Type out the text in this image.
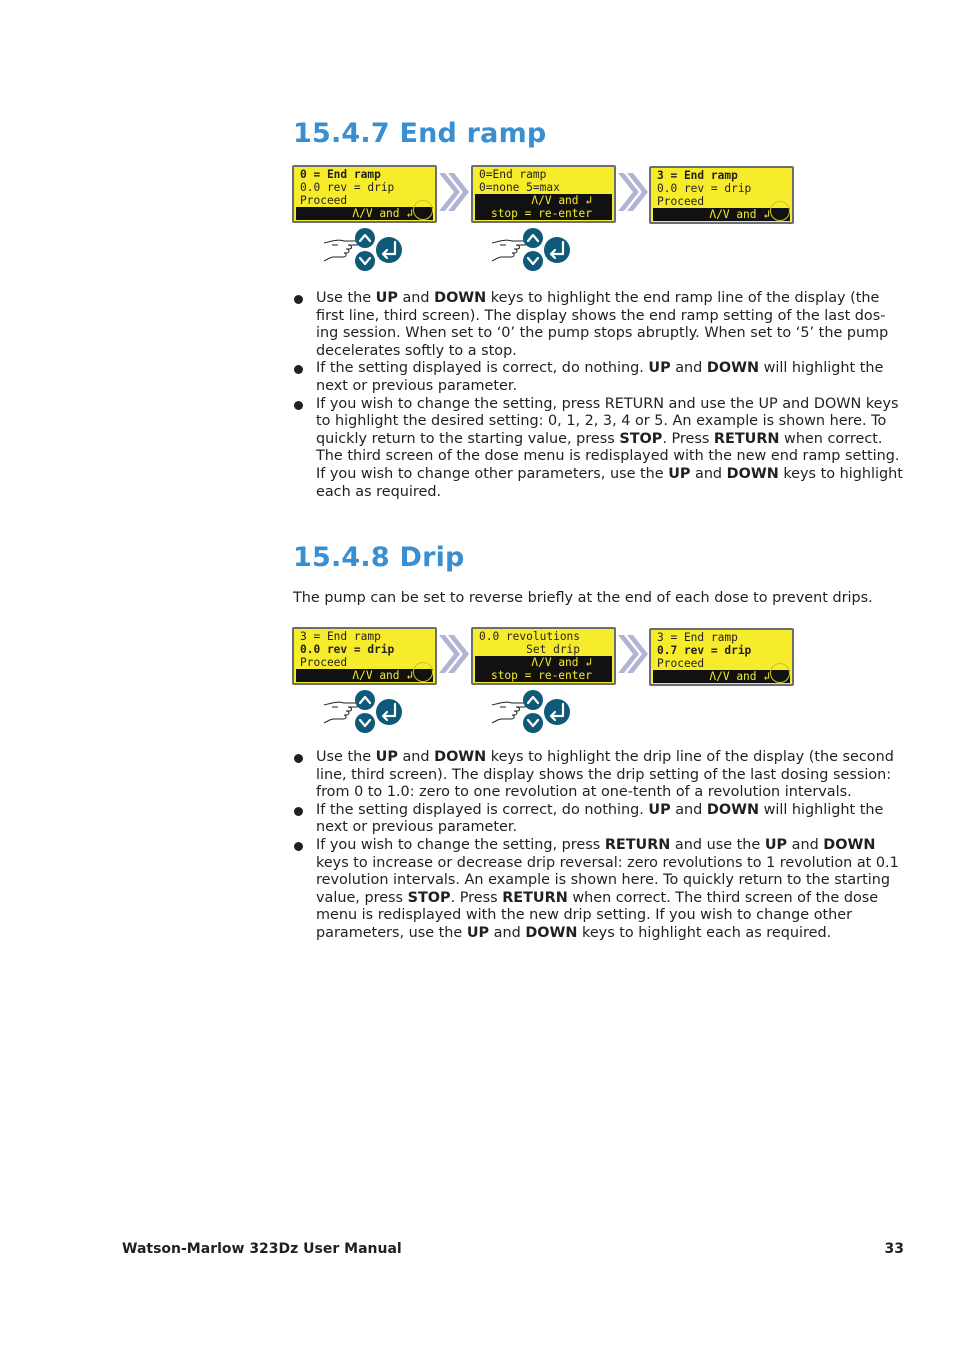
15.4.7 End ramp
0 = End ramp
0.0 rev = drip
Proceed
Λ/V and ↲
0=End ramp
0=none 5=max
Λ/V and ↲
stop = re-enter
3 = End ramp
0.0 rev = drip
Proceed
Λ/V and ↲
Use the UP and DOWN keys to highlight the end ramp line of the display (the first line, third screen). The display shows the end ramp setting of the last dos-ing session. When set to ‘0’ the pump stops abruptly. When set to ‘5’ the pump decelerates softly to a stop.
If the setting displayed is correct, do nothing. UP and DOWN will highlight the next or previous parameter.
If you wish to change the setting, press RETURN and use the UP and DOWN keys to highlight the desired setting: 0, 1, 2, 3, 4 or 5. An example is shown here. To quickly return to the starting value, press STOP. Press RETURN when correct. The third screen of the dose menu is redisplayed with the new end ramp setting. If you wish to change other parameters, use the UP and DOWN keys to highlight each as required.
15.4.8 Drip
The pump can be set to reverse briefly at the end of each dose to prevent drips.
3 = End ramp
0.0 rev = drip
Proceed
Λ/V and ↲
0.0 revolutions
Set drip
Λ/V and ↲
stop = re-enter
3 = End ramp
0.7 rev = drip
Proceed
Λ/V and ↲
Use the UP and DOWN keys to highlight the drip line of the display (the second line, third screen). The display shows the drip setting of the last dosing session: from 0 to 1.0: zero to one revolution at one-tenth of a revolution intervals.
If the setting displayed is correct, do nothing. UP and DOWN will highlight the next or previous parameter.
If you wish to change the setting, press RETURN and use the UP and DOWN keys to increase or decrease drip reversal: zero revolutions to 1 revolution at 0.1 revolution intervals. An example is shown here. To quickly return to the starting value, press STOP. Press RETURN when correct. The third screen of the dose menu is redisplayed with the new drip setting. If you wish to change other parameters, use the UP and DOWN keys to highlight each as required.
Watson-Marlow 323Dz User Manual	33
